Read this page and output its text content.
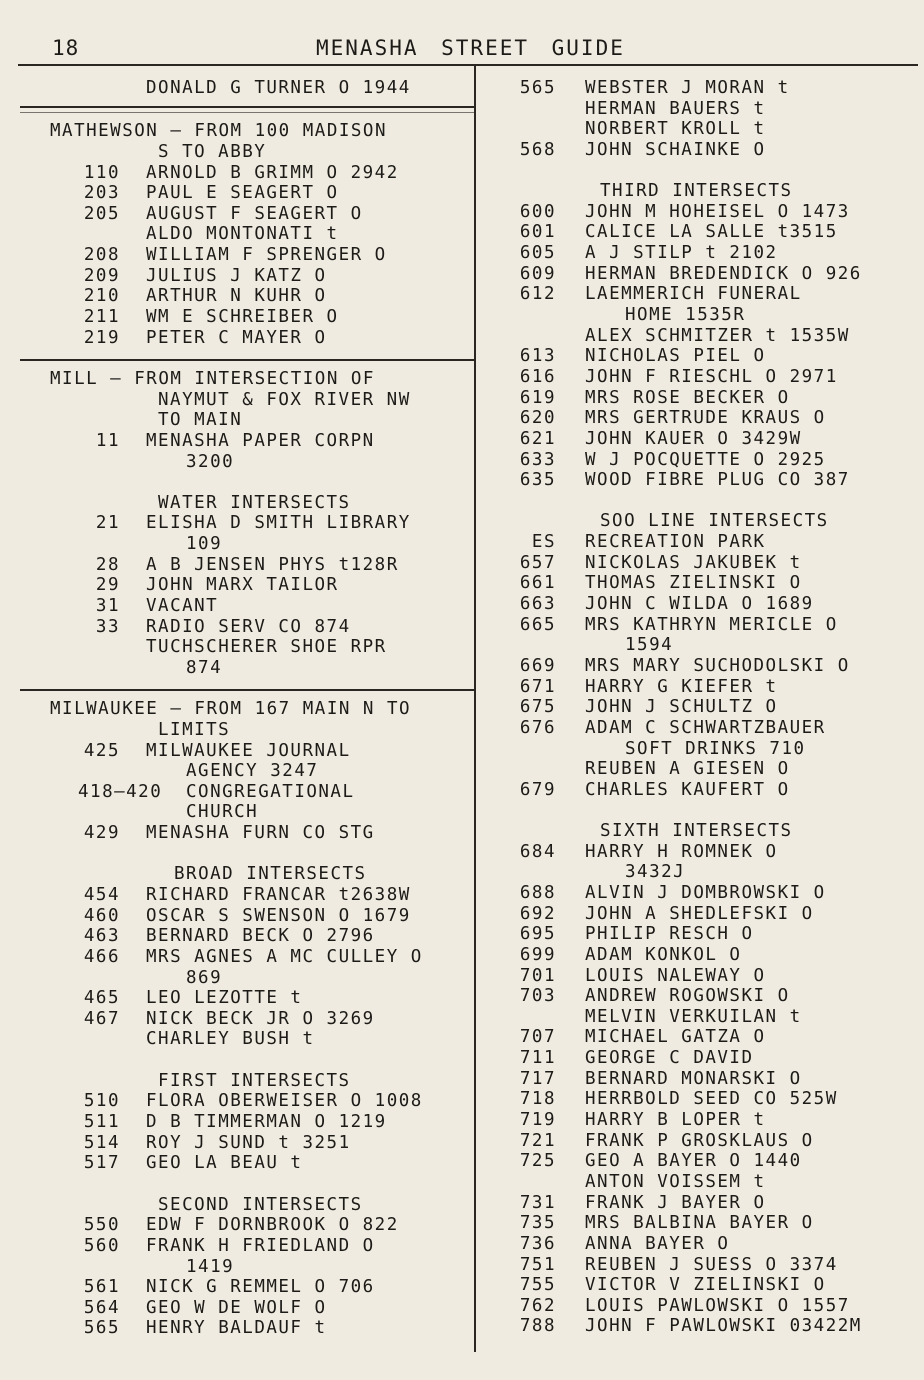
18	MENASHA STREET GUIDE
DONALD G TURNER O 1944
MATHEWSON — FROM 100 MADISON
S TO ABBY
110 ARNOLD B GRIMM O 2942
203 PAUL E SEAGERT O
205 AUGUST F SEAGERT O
ALDO MONTONATI t
208 WILLIAM F SPRENGER O
209 JULIUS J KATZ O
210 ARTHUR N KUHR O
211 WM E SCHREIBER O
219 PETER C MAYER O
MILL — FROM INTERSECTION OF
NAYMUT & FOX RIVER NW
TO MAIN
11 MENASHA PAPER CORPN
3200
WATER INTERSECTS
21 ELISHA D SMITH LIBRARY
109
28 A B JENSEN PHYS t128R
29 JOHN MARX TAILOR
31 VACANT
33 RADIO SERV CO 874
TUCHSCHERER SHOE RPR
874
MILWAUKEE — FROM 167 MAIN N TO
LIMITS
425 MILWAUKEE JOURNAL
AGENCY 3247
418—420 CONGREGATIONAL
CHURCH
429 MENASHA FURN CO STG
BROAD INTERSECTS
454 RICHARD FRANCAR t2638W
460 OSCAR S SWENSON O 1679
463 BERNARD BECK O 2796
466 MRS AGNES A MC CULLEY O
869
465 LEO LEZOTTE t
467 NICK BECK JR O 3269
CHARLEY BUSH t
FIRST INTERSECTS
510 FLORA OBERWEISER O 1008
511 D B TIMMERMAN O 1219
514 ROY J SUND t 3251
517 GEO LA BEAU t
SECOND INTERSECTS
550 EDW F DORNBROOK O 822
560 FRANK H FRIEDLAND O
1419
561 NICK G REMMEL O 706
564 GEO W DE WOLF O
565 HENRY BALDAUF t
565 WEBSTER J MORAN t
HERMAN BAUERS t
NORBERT KROLL t
568 JOHN SCHAINKE O
THIRD INTERSECTS
600 JOHN M HOHEISEL O 1473
601 CALICE LA SALLE t3515
605 A J STILP t 2102
609 HERMAN BREDENDICK O 926
612 LAEMMERICH FUNERAL
HOME 1535R
ALEX SCHMITZER t 1535W
613 NICHOLAS PIEL O
616 JOHN F RIESCHL O 2971
619 MRS ROSE BECKER O
620 MRS GERTRUDE KRAUS O
621 JOHN KAUER O 3429W
633 W J POCQUETTE O 2925
635 WOOD FIBRE PLUG CO 387
SOO LINE INTERSECTS
ES RECREATION PARK
657 NICKOLAS JAKUBEK t
661 THOMAS ZIELINSKI O
663 JOHN C WILDA O 1689
665 MRS KATHRYN MERICLE O
1594
669 MRS MARY SUCHODOLSKI O
671 HARRY G KIEFER t
675 JOHN J SCHULTZ O
676 ADAM C SCHWARTZBAUER
SOFT DRINKS 710
REUBEN A GIESEN O
679 CHARLES KAUFERT O
SIXTH INTERSECTS
684 HARRY H ROMNEK O
3432J
688 ALVIN J DOMBROWSKI O
692 JOHN A SHEDLEFSKI O
695 PHILIP RESCH O
699 ADAM KONKOL O
701 LOUIS NALEWAY O
703 ANDREW ROGOWSKI O
MELVIN VERKUILAN t
707 MICHAEL GATZA O
711 GEORGE C DAVID
717 BERNARD MONARSKI O
718 HERRBOLD SEED CO 525W
719 HARRY B LOPER t
721 FRANK P GROSKLAUS O
725 GEO A BAYER O 1440
ANTON VOISSEM t
731 FRANK J BAYER O
735 MRS BALBINA BAYER O
736 ANNA BAYER O
751 REUBEN J SUESS O 3374
755 VICTOR V ZIELINSKI O
762 LOUIS PAWLOWSKI O 1557
788 JOHN F PAWLOWSKI 03422M
